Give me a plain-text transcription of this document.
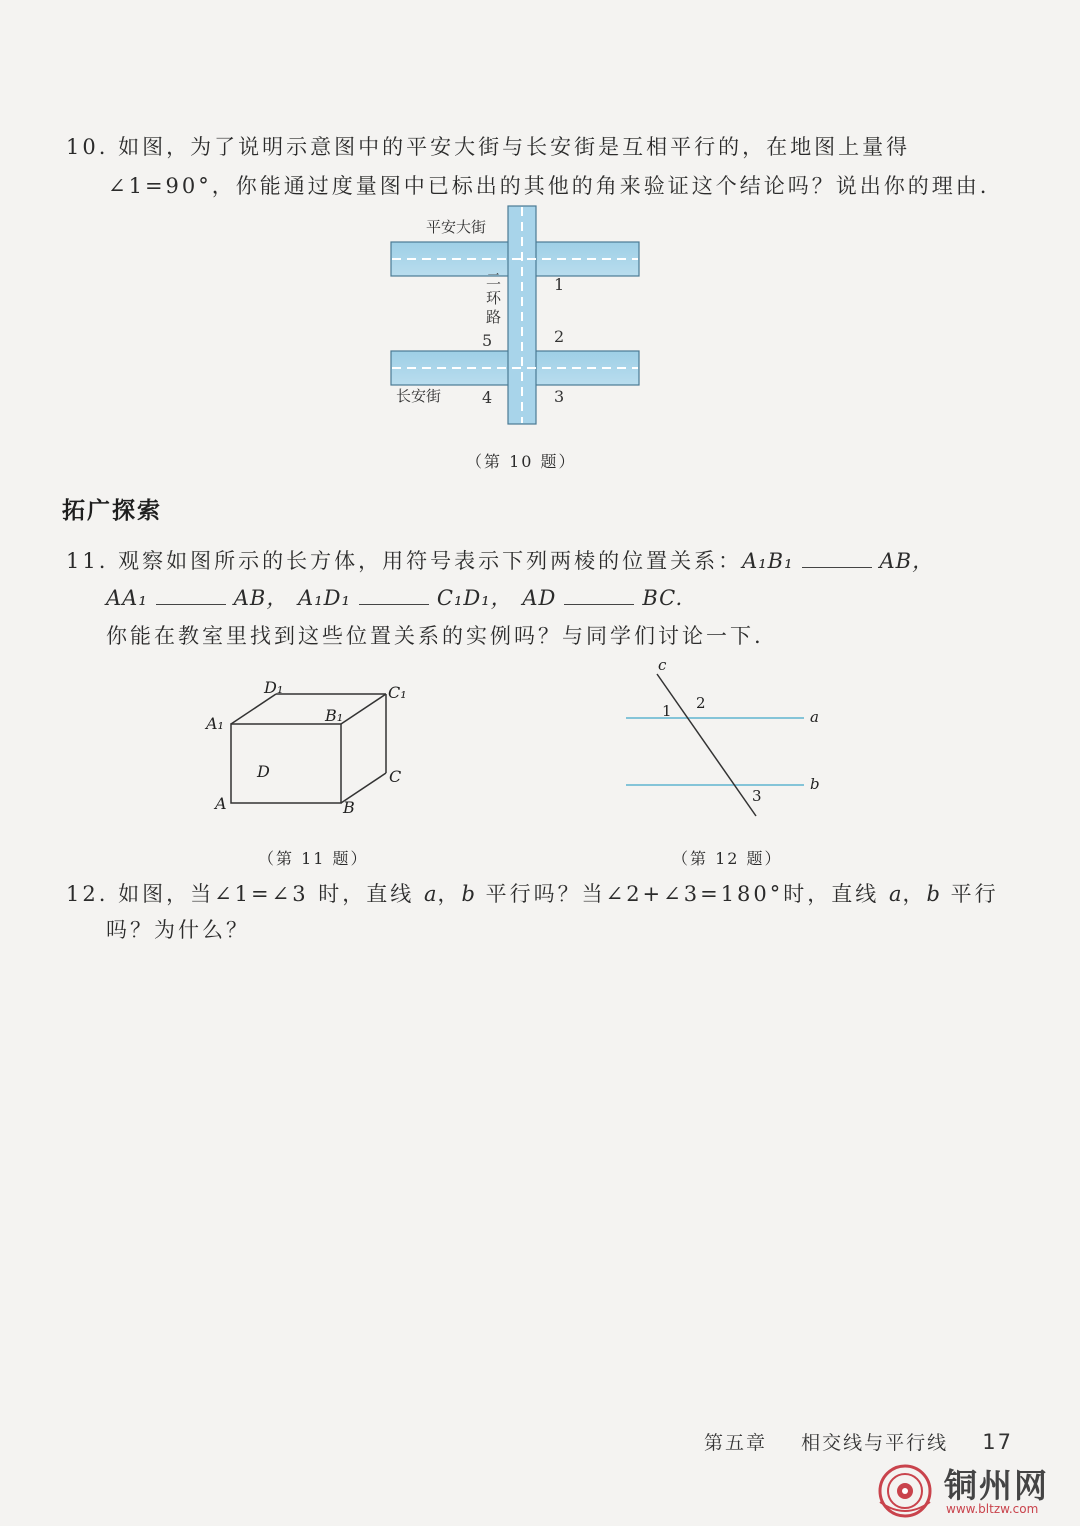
10. 如图，为了说明示意图中的平安大街与长安街是互相平行的，在地图上量得
∠1=90°，你能通过度量图中已标出的其他的角来验证这个结论吗？说出你的理由.
平安大街
二
环
路
长安街
1
2
3
4
5
（第 10 题）
拓广探索
11. 观察如图所示的长方体，用符号表示下列两棱的位置关系：A₁B₁	AB，
AA₁	AB， A₁D₁	C₁D₁， AD	BC.
你能在教室里找到这些位置关系的实例吗？与同学们讨论一下.
A	B
C
D
A₁	B₁
C₁
D₁
c
a
b
1 2
3
（第 11 题）	（第 12 题）
12. 如图，当∠1=∠3 时，直线 a，b 平行吗？当∠2+∠3=180°时，直线 a，b 平行
吗？为什么？
第五章 相交线与平行线 17
铜州网
www.bltzw.com
